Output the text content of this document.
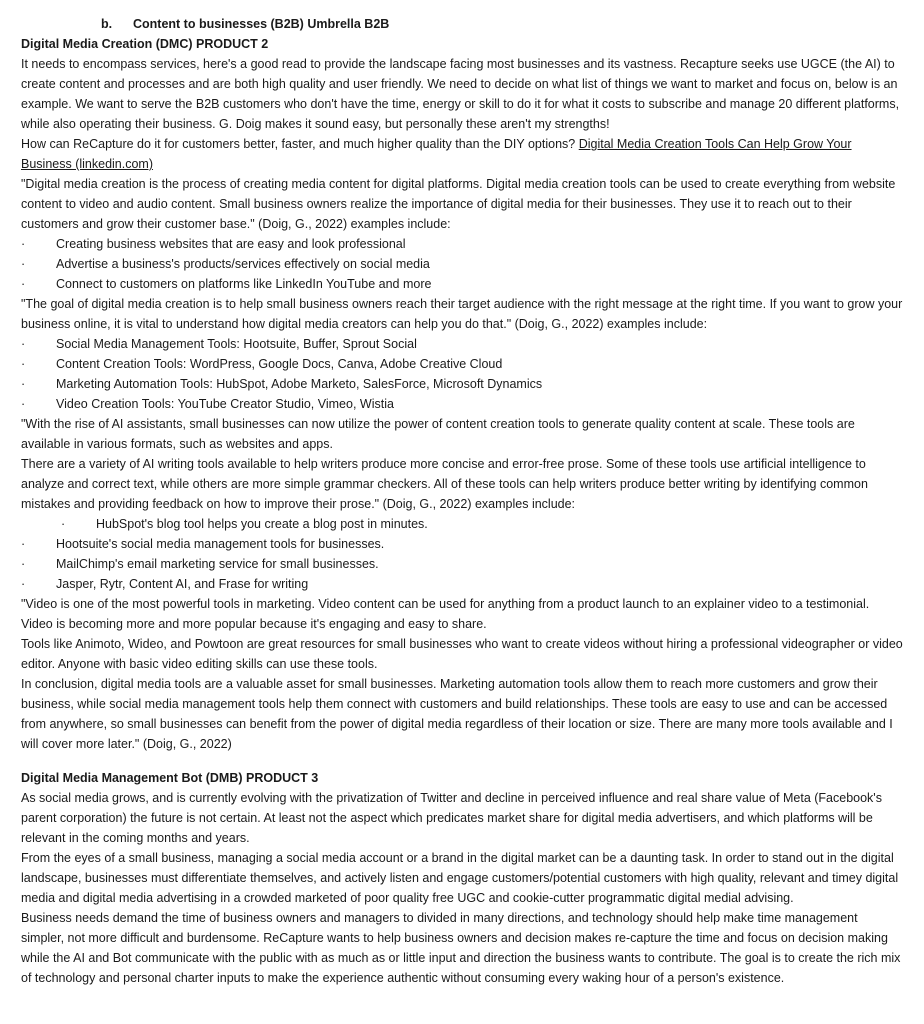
b. Content to businesses (B2B) Umbrella B2B
Digital Media Creation (DMC) PRODUCT 2
It needs to encompass services, here's a good read to provide the landscape facing most businesses and its vastness. Recapture seeks use UGCE (the AI) to create content and processes and are both high quality and user friendly. We need to decide on what list of things we want to market and focus on, below is an example. We want to serve the B2B customers who don't have the time, energy or skill to do it for what it costs to subscribe and manage 20 different platforms, while also operating their business. G. Doig makes it sound easy, but personally these aren't my strengths!
How can ReCapture do it for customers better, faster, and much higher quality than the DIY options? Digital Media Creation Tools Can Help Grow Your Business (linkedin.com)
"Digital media creation is the process of creating media content for digital platforms. Digital media creation tools can be used to create everything from website content to video and audio content. Small business owners realize the importance of digital media for their businesses. They use it to reach out to their customers and grow their customer base." (Doig, G., 2022) examples include:
·	Creating business websites that are easy and look professional
·	Advertise a business's products/services effectively on social media
·	Connect to customers on platforms like LinkedIn YouTube and more
"The goal of digital media creation is to help small business owners reach their target audience with the right message at the right time. If you want to grow your business online, it is vital to understand how digital media creators can help you do that." (Doig, G., 2022) examples include:
·	Social Media Management Tools: Hootsuite, Buffer, Sprout Social
·	Content Creation Tools: WordPress, Google Docs, Canva, Adobe Creative Cloud
·	Marketing Automation Tools: HubSpot, Adobe Marketo, SalesForce, Microsoft Dynamics
·	Video Creation Tools: YouTube Creator Studio, Vimeo, Wistia
"With the rise of AI assistants, small businesses can now utilize the power of content creation tools to generate quality content at scale. These tools are available in various formats, such as websites and apps.
There are a variety of AI writing tools available to help writers produce more concise and error-free prose. Some of these tools use artificial intelligence to analyze and correct text, while others are more simple grammar checkers. All of these tools can help writers produce better writing by identifying common mistakes and providing feedback on how to improve their prose." (Doig, G., 2022) examples include:
·	HubSpot's blog tool helps you create a blog post in minutes.
·	Hootsuite's social media management tools for businesses.
·	MailChimp's email marketing service for small businesses.
·	Jasper, Rytr, Content AI, and Frase for writing
"Video is one of the most powerful tools in marketing. Video content can be used for anything from a product launch to an explainer video to a testimonial. Video is becoming more and more popular because it's engaging and easy to share.
Tools like Animoto, Wideo, and Powtoon are great resources for small businesses who want to create videos without hiring a professional videographer or video editor. Anyone with basic video editing skills can use these tools.
In conclusion, digital media tools are a valuable asset for small businesses. Marketing automation tools allow them to reach more customers and grow their business, while social media management tools help them connect with customers and build relationships. These tools are easy to use and can be accessed from anywhere, so small businesses can benefit from the power of digital media regardless of their location or size. There are many more tools available and I will cover more later." (Doig, G., 2022)
Digital Media Management Bot (DMB) PRODUCT 3
As social media grows, and is currently evolving with the privatization of Twitter and decline in perceived influence and real share value of Meta (Facebook's parent corporation) the future is not certain. At least not the aspect which predicates market share for digital media advertisers, and which platforms will be relevant in the coming months and years.
From the eyes of a small business, managing a social media account or a brand in the digital market can be a daunting task. In order to stand out in the digital landscape, businesses must differentiate themselves, and actively listen and engage customers/potential customers with high quality, relevant and timey digital media and digital media advertising in a crowded marketed of poor quality free UGC and cookie-cutter programmatic digital medial advising.
Business needs demand the time of business owners and managers to divided in many directions, and technology should help make time management simpler, not more difficult and burdensome. ReCapture wants to help business owners and decision makes re-capture the time and focus on decision making while the AI and Bot communicate with the public with as much as or little input and direction the business wants to contribute. The goal is to create the rich mix of technology and personal charter inputs to make the experience authentic without consuming every waking hour of a person's existence.
